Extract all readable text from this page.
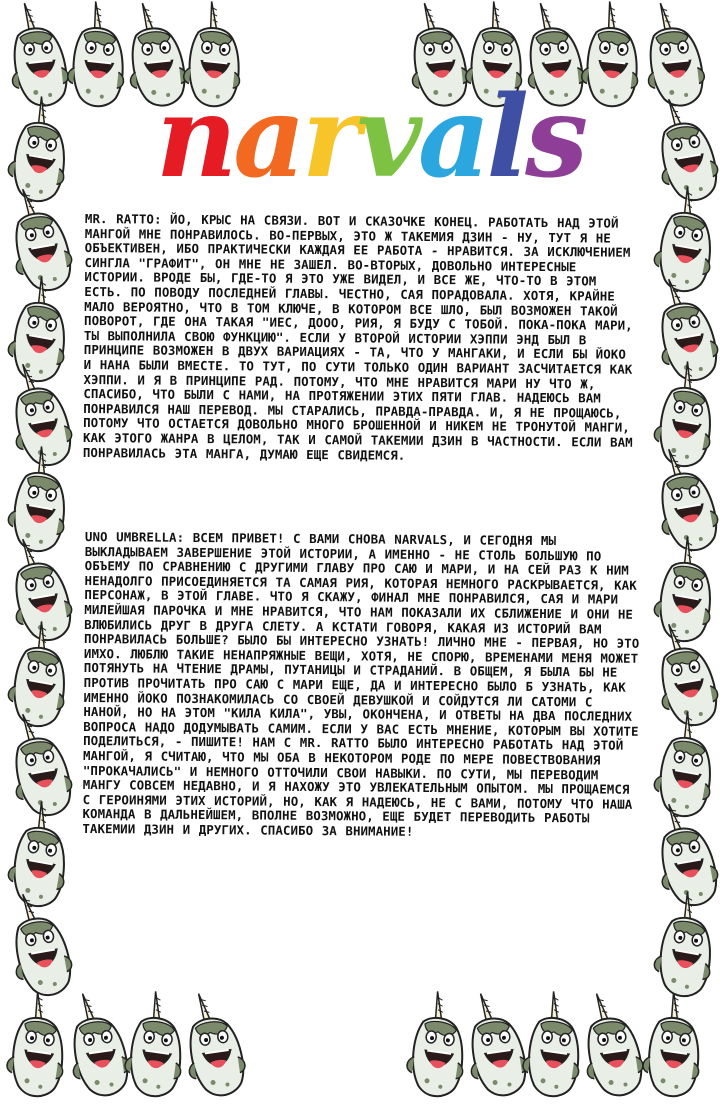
narvals
MR. RATTO: ЙО, КРЫС НА СВЯЗИ. ВОТ И СКАЗОЧКЕ КОНЕЦ. РАБОТАТЬ НАД ЭТОЙ МАНГОЙ МНЕ ПОНРАВИЛОСЬ. ВО-ПЕРВЫХ, ЭТО Ж ТАКЕМИЯ ДЗИН - НУ, ТУТ Я НЕ ОБЪЕКТИВЕН, ИБО ПРАКТИЧЕСКИ КАЖДАЯ ЕЕ РАБОТА - НРАВИТСЯ. ЗА ИСКЛЮЧЕНИЕМ СИНГЛА "ГРАФИТ", ОН МНЕ НЕ ЗАШЕЛ. ВО-ВТОРЫХ, ДОВОЛЬНО ИНТЕРЕСНЫЕ ИСТОРИИ. ВРОДЕ БЫ, ГДЕ-ТО Я ЭТО УЖЕ ВИДЕЛ, И ВСЕ ЖЕ, ЧТО-ТО В ЭТОМ ЕСТЬ. ПО ПОВОДУ ПОСЛЕДНЕЙ ГЛАВЫ. ЧЕСТНО, САЯ ПОРАДОВАЛА. ХОТЯ, КРАЙНЕ МАЛО ВЕРОЯТНО, ЧТО В ТОМ КЛЮЧЕ, В КОТОРОМ ВСЕ ШЛО, БЫЛ ВОЗМОЖЕН ТАКОЙ ПОВОРОТ, ГДЕ ОНА ТАКАЯ "ИЕС, ДООО, РИЯ, Я БУДУ С ТОБОЙ. ПОКА-ПОКА МАРИ, ТЫ ВЫПОЛНИЛА СВОЮ ФУНКЦИЮ". ЕСЛИ У ВТОРОЙ ИСТОРИИ ХЭППИ ЭНД БЫЛ В ПРИНЦИПЕ ВОЗМОЖЕН В ДВУХ ВАРИАЦИЯХ - ТА, ЧТО У МАНГАКИ, И ЕСЛИ БЫ ЙОКО И НАНА БЫЛИ ВМЕСТЕ. ТО ТУТ, ПО СУТИ ТОЛЬКО ОДИН ВАРИАНТ ЗАСЧИТАЕТСЯ КАК ХЭППИ. И Я В ПРИНЦИПЕ РАД. ПОТОМУ, ЧТО МНЕ НРАВИТСЯ МАРИ НУ ЧТО Ж, СПАСИБО, ЧТО БЫЛИ С НАМИ, НА ПРОТЯЖЕНИИ ЭТИХ ПЯТИ ГЛАВ. НАДЕЮСЬ ВАМ ПОНРАВИЛСЯ НАШ ПЕРЕВОД. МЫ СТАРАЛИСЬ, ПРАВДА-ПРАВДА. И, Я НЕ ПРОЩАЮСЬ, ПОТОМУ ЧТО ОСТАЕТСЯ ДОВОЛЬНО МНОГО БРОШЕННОЙ И НИКЕМ НЕ ТРОНУТОЙ МАНГИ, КАК ЭТОГО ЖАНРА В ЦЕЛОМ, ТАК И САМОЙ ТАКЕМИИ ДЗИН В ЧАСТНОСТИ. ЕСЛИ ВАМ ПОНРАВИЛАСЬ ЭТА МАНГА, ДУМАЮ ЕЩЕ СВИДЕМСЯ.
UNO UMBRELLA: ВСЕМ ПРИВЕТ! С ВАМИ СНОВА NARVALS, И СЕГОДНЯ МЫ ВЫКЛАДЫВАЕМ ЗАВЕРШЕНИЕ ЭТОЙ ИСТОРИИ, А ИМЕННО - НЕ СТОЛЬ БОЛЬШУЮ ПО ОБЪЕМУ ПО СРАВНЕНИЮ С ДРУГИМИ ГЛАВУ ПРО САЮ И МАРИ, И НА СЕЙ РАЗ К НИМ НЕНАДОЛГО ПРИСОЕДИНЯЕТСЯ ТА САМАЯ РИЯ, КОТОРАЯ НЕМНОГО РАСКРЫВАЕТСЯ, КАК ПЕРСОНАЖ, В ЭТОЙ ГЛАВЕ. ЧТО Я СКАЖУ, ФИНАЛ МНЕ ПОНРАВИЛСЯ, САЯ И МАРИ МИЛЕЙШАЯ ПАРОЧКА И МНЕ НРАВИТСЯ, ЧТО НАМ ПОКАЗАЛИ ИХ СБЛИЖЕНИЕ И ОНИ НЕ ВЛЮБИЛИСЬ ДРУГ В ДРУГА СЛЕТУ. А КСТАТИ ГОВОРЯ, КАКАЯ ИЗ ИСТОРИЙ ВАМ ПОНРАВИЛАСЬ БОЛЬШЕ? БЫЛО БЫ ИНТЕРЕСНО УЗНАТЬ! ЛИЧНО МНЕ - ПЕРВАЯ, НО ЭТО ИМХО. ЛЮБЛЮ ТАКИЕ НЕНАПРЯЖНЫЕ ВЕЩИ, ХОТЯ, НЕ СПОРЮ, ВРЕМЕНАМИ МЕНЯ МОЖЕТ ПОТЯНУТЬ НА ЧТЕНИЕ ДРАМЫ, ПУТАНИЦЫ И СТРАДАНИЙ. В ОБЩЕМ, Я БЫЛА БЫ НЕ ПРОТИВ ПРОЧИТАТЬ ПРО САЮ С МАРИ ЕЩЕ, ДА И ИНТЕРЕСНО БЫЛО Б УЗНАТЬ, КАК ИМЕННО ЙОКО ПОЗНАКОМИЛАСЬ СО СВОЕЙ ДЕВУШКОЙ И СОЙДУТСЯ ЛИ САТОМИ С НАНОЙ, НО НА ЭТОМ "КИЛА КИЛА", УВЫ, ОКОНЧЕНА, И ОТВЕТЫ НА ДВА ПОСЛЕДНИХ ВОПРОСА НАДО ДОДУМЫВАТЬ САМИМ. ЕСЛИ У ВАС ЕСТЬ МНЕНИЕ, КОТОРЫМ ВЫ ХОТИТЕ ПОДЕЛИТЬСЯ, - ПИШИТЕ! НАМ С MR. RATTO БЫЛО ИНТЕРЕСНО РАБОТАТЬ НАД ЭТОЙ МАНГОЙ, Я СЧИТАЮ, ЧТО МЫ ОБА В НЕКОТОРОМ РОДЕ ПО МЕРЕ ПОВЕСТВОВАНИЯ "ПРОКАЧАЛИСЬ" И НЕМНОГО ОТТОЧИЛИ СВОИ НАВЫКИ. ПО СУТИ, МЫ ПЕРЕВОДИМ МАНГУ СОВСЕМ НЕДАВНО, И Я НАХОЖУ ЭТО УВЛЕКАТЕЛЬНЫМ ОПЫТОМ. МЫ ПРОЩАЕМСЯ С ГЕРОИНЯМИ ЭТИХ ИСТОРИЙ, НО, КАК Я НАДЕЮСЬ, НЕ С ВАМИ, ПОТОМУ ЧТО НАША КОМАНДА В ДАЛЬНЕЙШЕМ, ВПОЛНЕ ВОЗМОЖНО, ЕЩЕ БУДЕТ ПЕРЕВОДИТЬ РАБОТЫ ТАКЕМИИ ДЗИН И ДРУГИХ. СПАСИБО ЗА ВНИМАНИЕ!
